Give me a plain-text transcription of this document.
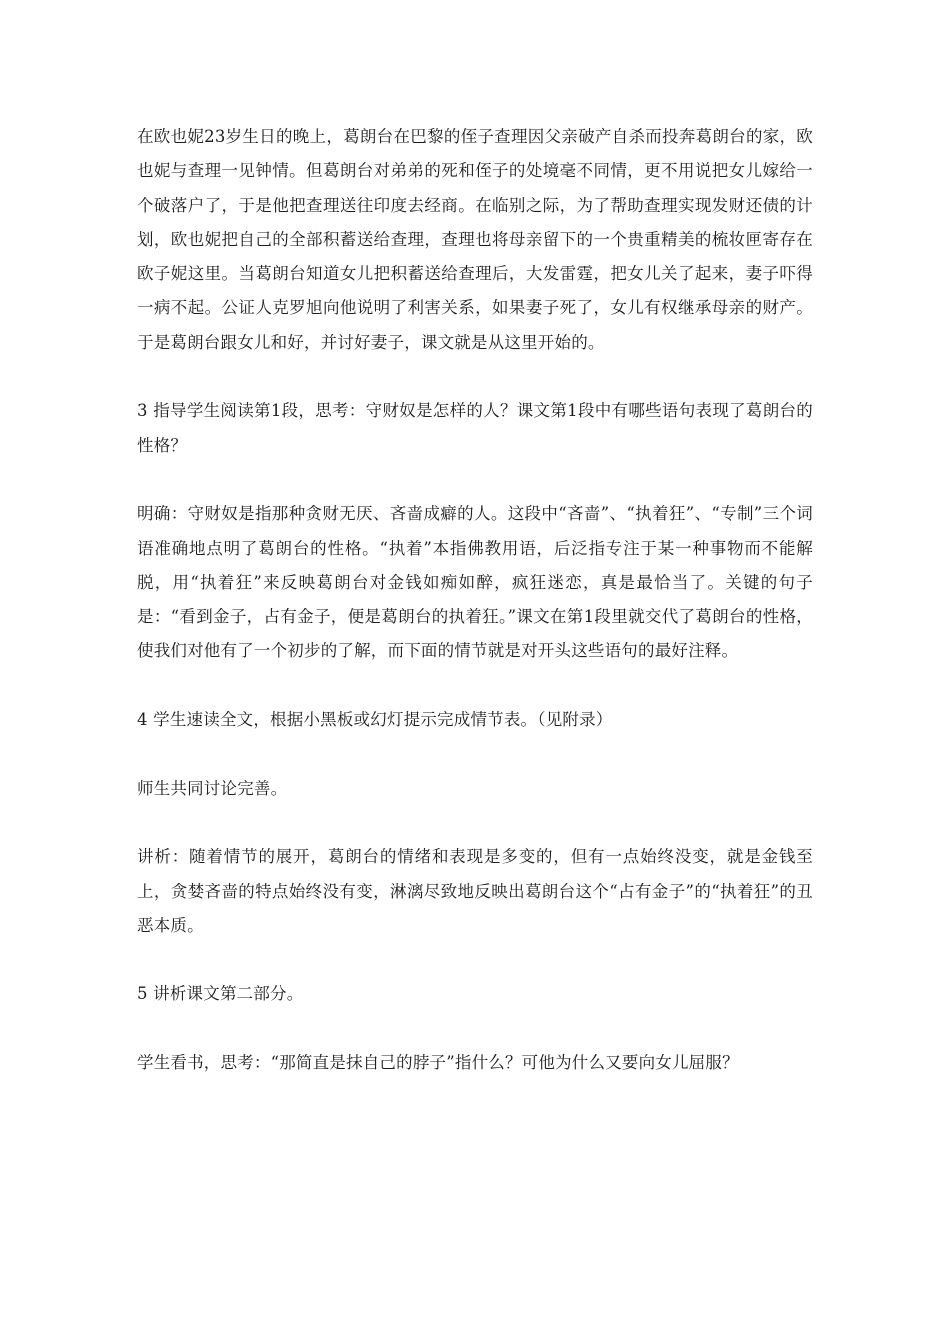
在欧也妮23岁生日的晚上，葛朗台在巴黎的侄子查理因父亲破产自杀而投奔葛朗台的家，欧也妮与查理一见钟情。但葛朗台对弟弟的死和侄子的处境毫不同情，更不用说把女儿嫁给一个破落户了，于是他把查理送往印度去经商。在临别之际，为了帮助查理实现发财还债的计划，欧也妮把自己的全部积蓄送给查理，查理也将母亲留下的一个贵重精美的梳妆匣寄存在欧子妮这里。当葛朗台知道女儿把积蓄送给查理后，大发雷霆，把女儿关了起来，妻子吓得一病不起。公证人克罗旭向他说明了利害关系，如果妻子死了，女儿有权继承母亲的财产。于是葛朗台跟女儿和好，并讨好妻子，课文就是从这里开始的。

3 指导学生阅读第1段，思考：守财奴是怎样的人？课文第1段中有哪些语句表现了葛朗台的性格？

明确：守财奴是指那种贪财无厌、吝啬成癖的人。这段中“吝啬”、“执着狂”、“专制”三个词语准确地点明了葛朗台的性格。“执着”本指佛教用语，后泛指专注于某一种事物而不能解脱，用“执着狂”来反映葛朗台对金钱如痴如醉，疯狂迷恋，真是最恰当了。关键的句子是：“看到金子，占有金子，便是葛朗台的执着狂。”课文在第1段里就交代了葛朗台的性格，使我们对他有了一个初步的了解，而下面的情节就是对开头这些语句的最好注释。

4 学生速读全文，根据小黑板或幻灯提示完成情节表。（见附录）

师生共同讨论完善。

讲析：随着情节的展开，葛朗台的情绪和表现是多变的，但有一点始终没变，就是金钱至上，贪婪吝啬的特点始终没有变，淋漓尽致地反映出葛朗台这个“占有金子”的“执着狂”的丑恶本质。

5 讲析课文第二部分。

学生看书，思考：“那简直是抹自己的脖子”指什么？可他为什么又要向女儿屈服？
